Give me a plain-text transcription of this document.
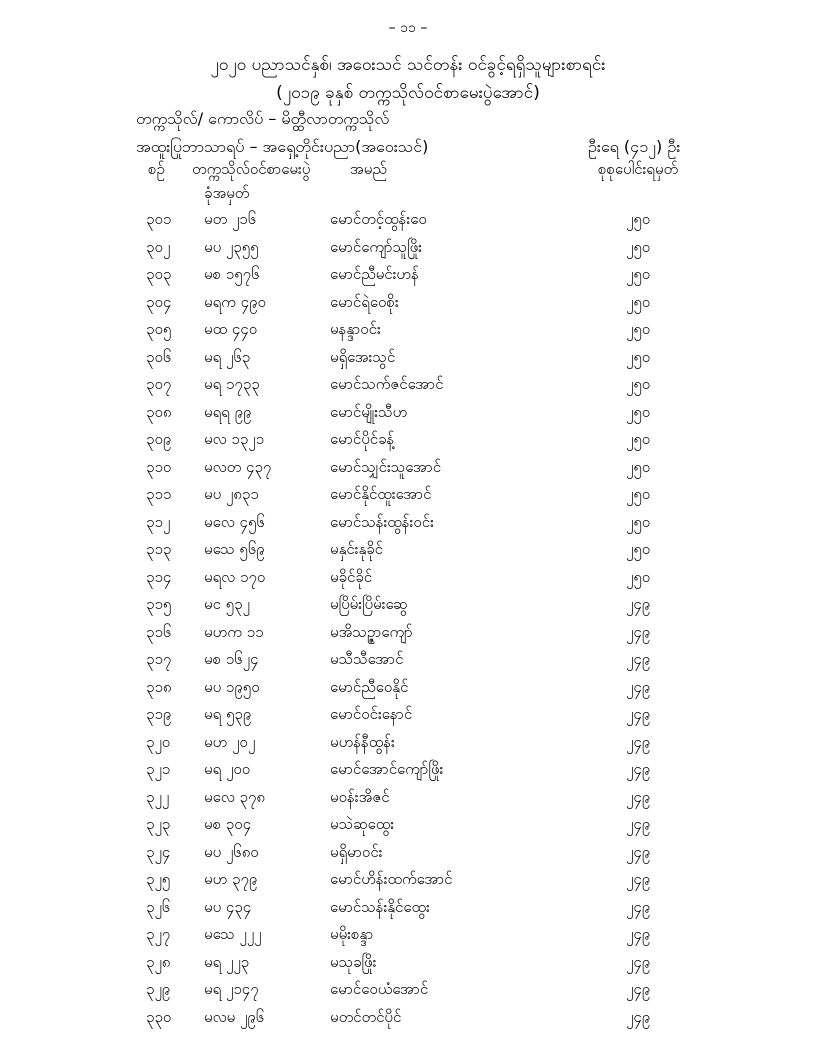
– ၁၁ –
၂၀၂၀ ပညာသင်နှစ်၊ အဝေးသင် သင်တန်း ဝင်ခွင့်ရရှိသူများစာရင်း
(၂၀၁၉ ခုနှစ် တက္ကသိုလ်ဝင်စာမေးပွဲအောင်)
တက္ကသိုလ်/ ကောလိပ် – မိတ္ထီလာတက္ကသိုလ်
အထူးပြုဘာသာရပ် – အရှေ့တိုင်းပညာ(အဝေးသင်)	ဦးရေ (၄၁၂) ဦး
စဉ် တက္ကသိုလ်ဝင်စာမေးပွဲ
ခုံအမှတ်
အမည်	စုစုပေါင်းရမှတ်
၃၀၁ မတ ၂၁၆	မောင်တင့်ထွန်းဝေ	၂၅၀
၃၀၂ မပ ၂၃၅၅	မောင်ကျော်သူဖြိုး	၂၅၀
၃၀၃ မစ ၁၅၇၆	မောင်ညီမင်းဟန်	၂၅၀
၃၀၄ မရက ၄၉၀	မောင်ရဲဝေစိုး	၂၅၀
၃၀၅ မထ ၄၄၀	မနန္ဒာဝင်း	၂၅၀
၃၀၆ မရ ၂၆၃	မရှိအေးသွင်	၂၅၀
၃၀၇ မရ ၁၇၃၃	မောင်သက်ဇင်အောင်	၂၅၀
၃၀၈ မရရ ၉၉	မောင်မျိုးသီဟ	၂၅၀
၃၀၉ မလ ၁၃၂၁	မောင်ပိုင်ခန့်	၂၅၀
၃၁၀ မလတ ၄၃၇	မောင်သျှင်းသူအောင်	၂၅၀
၃၁၁ မပ ၂၈၃၁	မောင်နိုင်ထူးအောင်	၂၅၀
၃၁၂ မလေ ၄၅၆	မောင်သန်းထွန်းဝင်း	၂၅၀
၃၁၃ မသေ ၅၆၉	မနှင်းနုခိုင်	၂၅၀
၃၁၄ မရလ ၁၇၀	မခိုင်ခိုင်	၂၅၀
၃၁၅ မင ၅၃၂	မပြိမ်းပြိမ်းဆွေ	၂၄၉
၃၁၆ မဟက ၁၁	မအိသဥ္ဇာကျော်	၂၄၉
၃၁၇ မစ ၁၆၂၄	မသီသီအောင်	၂၄၉
၃၁၈ မပ ၁၉၅၀	မောင်ညီဝေနိုင်	၂၄၉
၃၁၉ မရ ၅၃၉	မောင်ဝင်းနောင်	၂၄၉
၃၂၀ မဟ ၂၀၂	မဟန်နီထွန်း	၂၄၉
၃၂၁ မရ ၂၀၀	မောင်အောင်ကျော်ဖြိုး	၂၄၉
၃၂၂ မလေ ၃၇၈	မဝန်းအိဇင်	၂၄၉
၃၂၃ မစ ၃၀၄	မသဲဆုထွေး	၂၄၉
၃၂၄ မပ ၂၆၈၀	မရှိမာဝင်း	၂၄၉
၃၂၅ မဟ ၃၇၉	မောင်ဟိန်းထက်အောင်	၂၄၉
၃၂၆ မပ ၄၃၄	မောင်သန်းနိုင်ထွေး	၂၄၉
၃၂၇ မသေ ၂၂၂	မမိုးစန္ဒာ	၂၄၉
၃၂၈ မရ ၂၂၃	မသုခဖြိုး	၂၄၉
၃၂၉ မရ ၂၁၄၇	မောင်ဝေယံအောင်	၂၄၉
၃၃၀ မလမ ၂၉၆	မတင်တင်ပိုင်	၂၄၉
